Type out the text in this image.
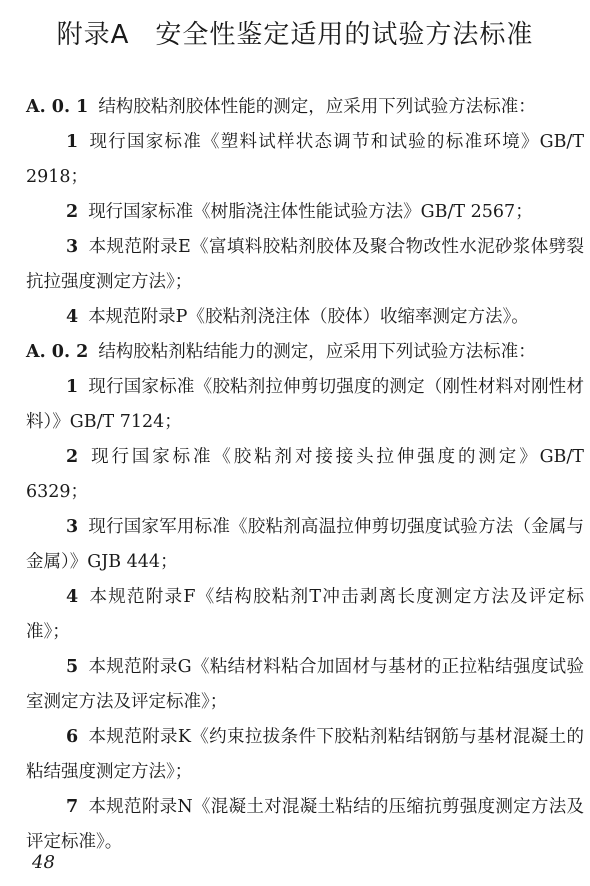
附录A 安全性鉴定适用的试验方法标准

A. 0. 1 结构胶粘剂胶体性能的测定，应采用下列试验方法标准：

1 现行国家标准《塑料试样状态调节和试验的标准环境》GB/T 2918；

2 现行国家标准《树脂浇注体性能试验方法》GB/T 2567；

3 本规范附录E《富填料胶粘剂胶体及聚合物改性水泥砂浆体劈裂抗拉强度测定方法》；

4 本规范附录P《胶粘剂浇注体（胶体）收缩率测定方法》。

A. 0. 2 结构胶粘剂粘结能力的测定，应采用下列试验方法标准：

1 现行国家标准《胶粘剂拉伸剪切强度的测定（刚性材料对刚性材料）》GB/T 7124；

2 现行国家标准《胶粘剂对接接头拉伸强度的测定》GB/T 6329；

3 现行国家军用标准《胶粘剂高温拉伸剪切强度试验方法（金属与金属）》GJB 444；

4 本规范附录F《结构胶粘剂T冲击剥离长度测定方法及评定标准》；

5 本规范附录G《粘结材料粘合加固材与基材的正拉粘结强度试验室测定方法及评定标准》；

6 本规范附录K《约束拉拔条件下胶粘剂粘结钢筋与基材混凝土的粘结强度测定方法》；

7 本规范附录N《混凝土对混凝土粘结的压缩抗剪强度测定方法及评定标准》。

48
